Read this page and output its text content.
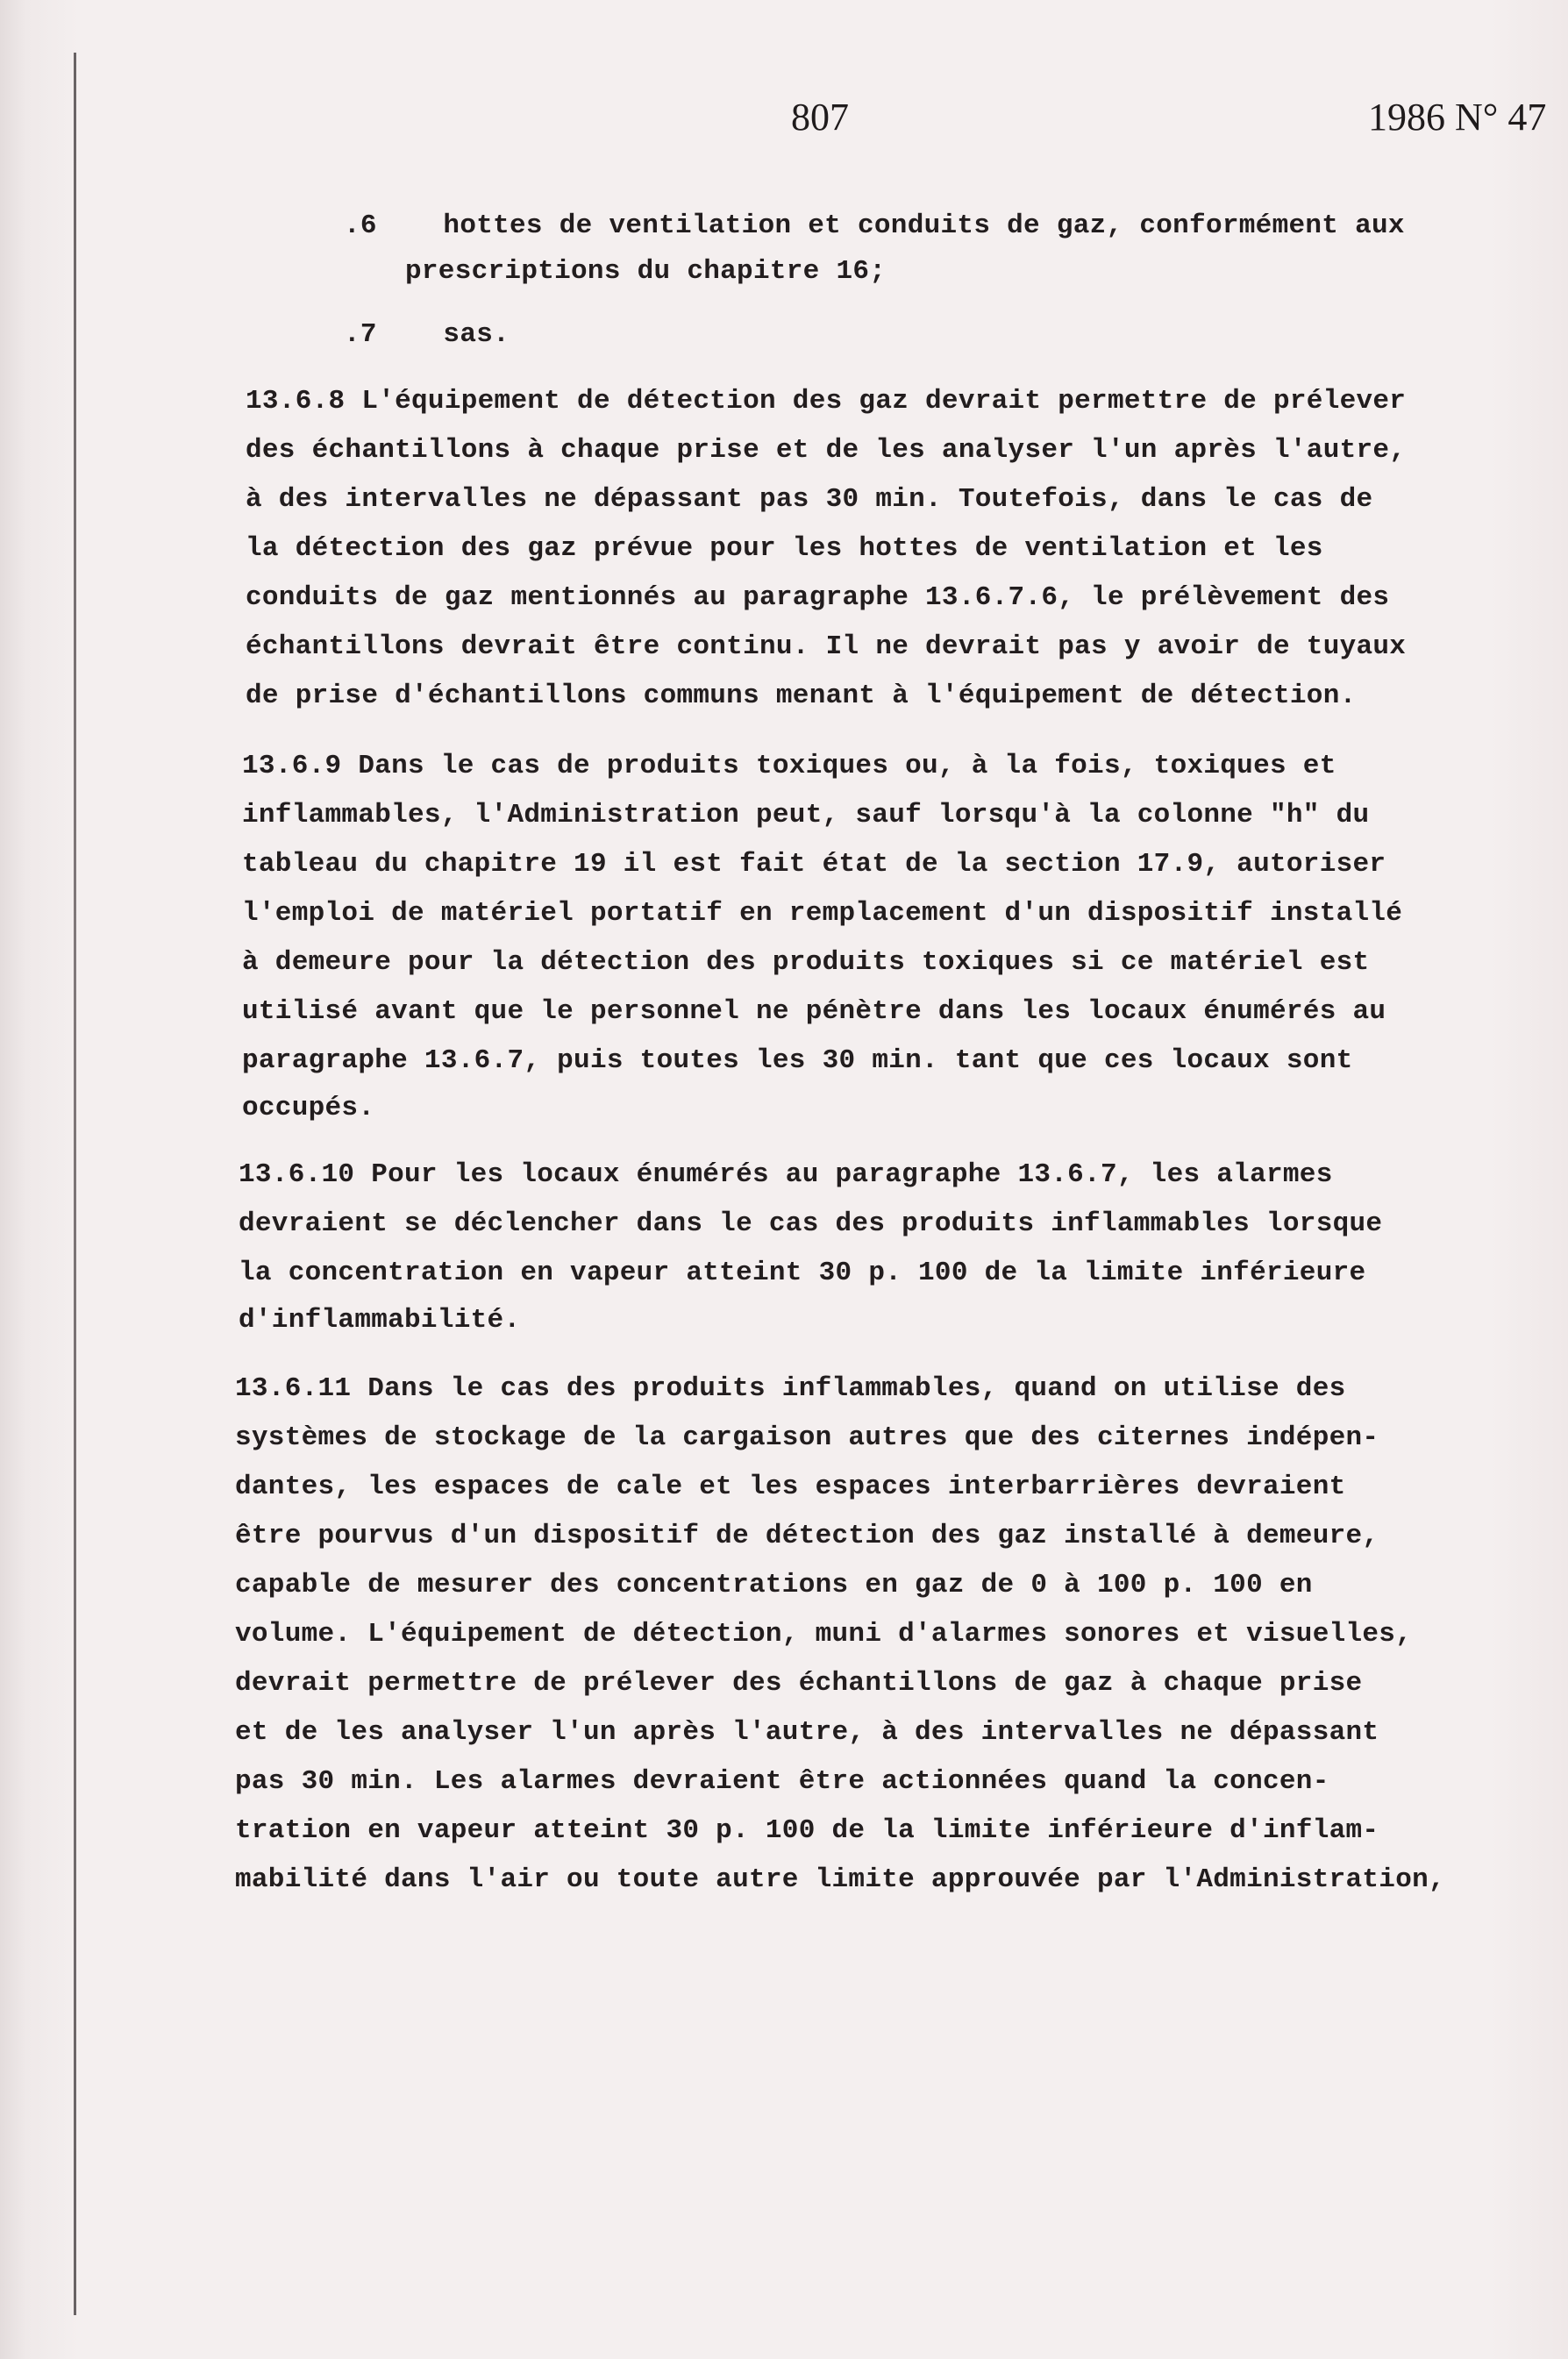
807	1986 N° 47
.6    hottes de ventilation et conduits de gaz, conformément aux
prescriptions du chapitre 16;
.7    sas.
13.6.8 L'équipement de détection des gaz devrait permettre de prélever
des échantillons à chaque prise et de les analyser l'un après l'autre,
à des intervalles ne dépassant pas 30 min. Toutefois, dans le cas de
la détection des gaz prévue pour les hottes de ventilation et les
conduits de gaz mentionnés au paragraphe 13.6.7.6, le prélèvement des
échantillons devrait être continu. Il ne devrait pas y avoir de tuyaux
de prise d'échantillons communs menant à l'équipement de détection.
13.6.9 Dans le cas de produits toxiques ou, à la fois, toxiques et
inflammables, l'Administration peut, sauf lorsqu'à la colonne "h" du
tableau du chapitre 19 il est fait état de la section 17.9, autoriser
l'emploi de matériel portatif en remplacement d'un dispositif installé
à demeure pour la détection des produits toxiques si ce matériel est
utilisé avant que le personnel ne pénètre dans les locaux énumérés au
paragraphe 13.6.7, puis toutes les 30 min. tant que ces locaux sont
occupés.
13.6.10 Pour les locaux énumérés au paragraphe 13.6.7, les alarmes
devraient se déclencher dans le cas des produits inflammables lorsque
la concentration en vapeur atteint 30 p. 100 de la limite inférieure
d'inflammabilité.
13.6.11 Dans le cas des produits inflammables, quand on utilise des
systèmes de stockage de la cargaison autres que des citernes indépen-
dantes, les espaces de cale et les espaces interbarrières devraient
être pourvus d'un dispositif de détection des gaz installé à demeure,
capable de mesurer des concentrations en gaz de 0 à 100 p. 100 en
volume. L'équipement de détection, muni d'alarmes sonores et visuelles,
devrait permettre de prélever des échantillons de gaz à chaque prise
et de les analyser l'un après l'autre, à des intervalles ne dépassant
pas 30 min. Les alarmes devraient être actionnées quand la concen-
tration en vapeur atteint 30 p. 100 de la limite inférieure d'inflam-
mabilité dans l'air ou toute autre limite approuvée par l'Administration,
